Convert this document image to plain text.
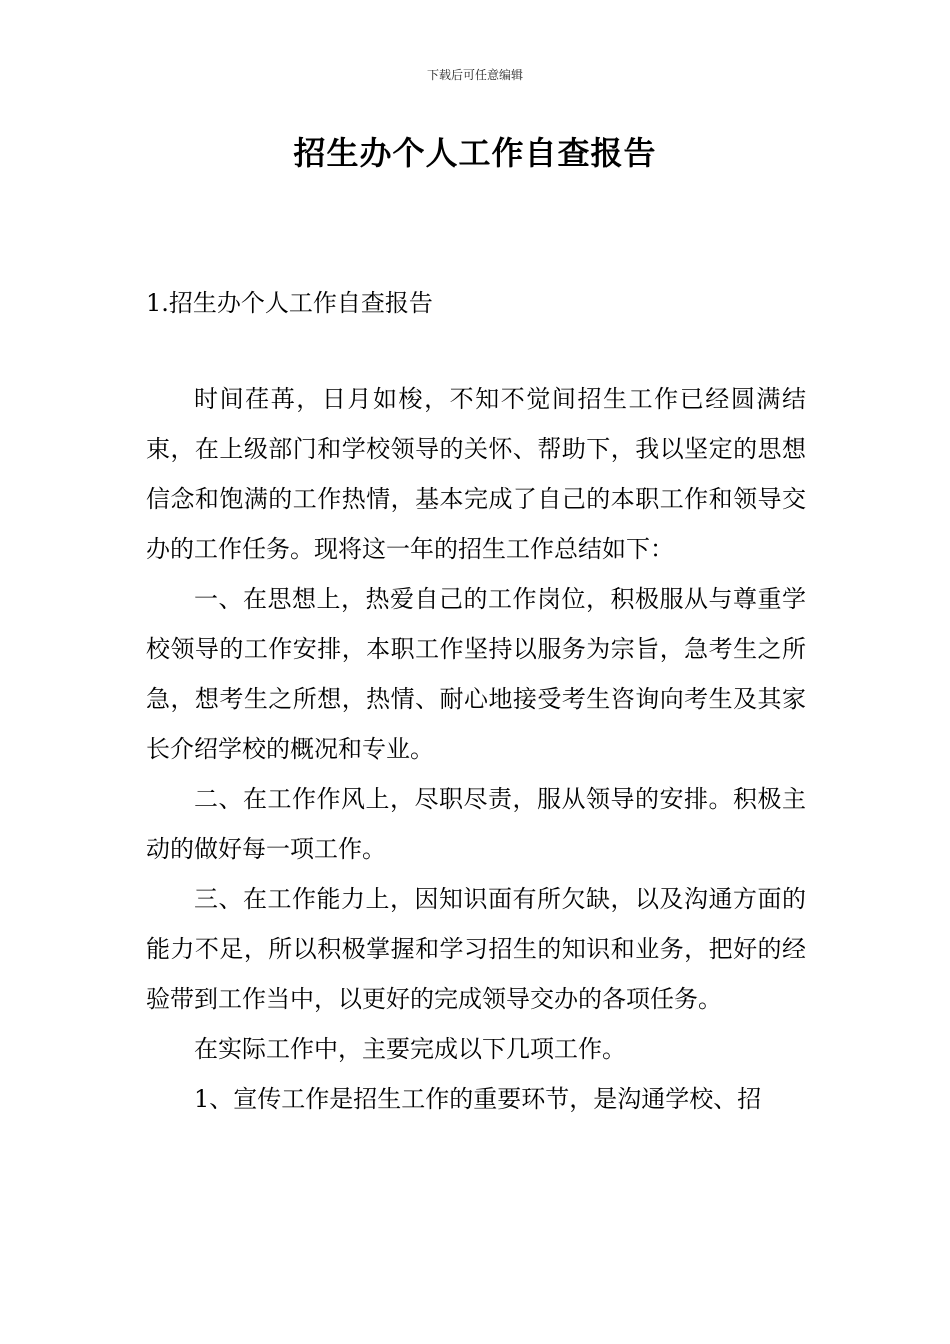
下载后可任意编辑
招生办个人工作自查报告
1.招生办个人工作自查报告

时间荏苒，日月如梭，不知不觉间招生工作已经圆满结束，在上级部门和学校领导的关怀、帮助下，我以坚定的思想信念和饱满的工作热情，基本完成了自己的本职工作和领导交办的工作任务。现将这一年的招生工作总结如下：

一、在思想上，热爱自己的工作岗位，积极服从与尊重学校领导的工作安排，本职工作坚持以服务为宗旨，急考生之所急，想考生之所想，热情、耐心地接受考生咨询向考生及其家长介绍学校的概况和专业。

二、在工作作风上，尽职尽责，服从领导的安排。积极主动的做好每一项工作。

三、在工作能力上，因知识面有所欠缺，以及沟通方面的能力不足，所以积极掌握和学习招生的知识和业务，把好的经验带到工作当中，以更好的完成领导交办的各项任务。

在实际工作中，主要完成以下几项工作。

1、宣传工作是招生工作的重要环节，是沟通学校、招
